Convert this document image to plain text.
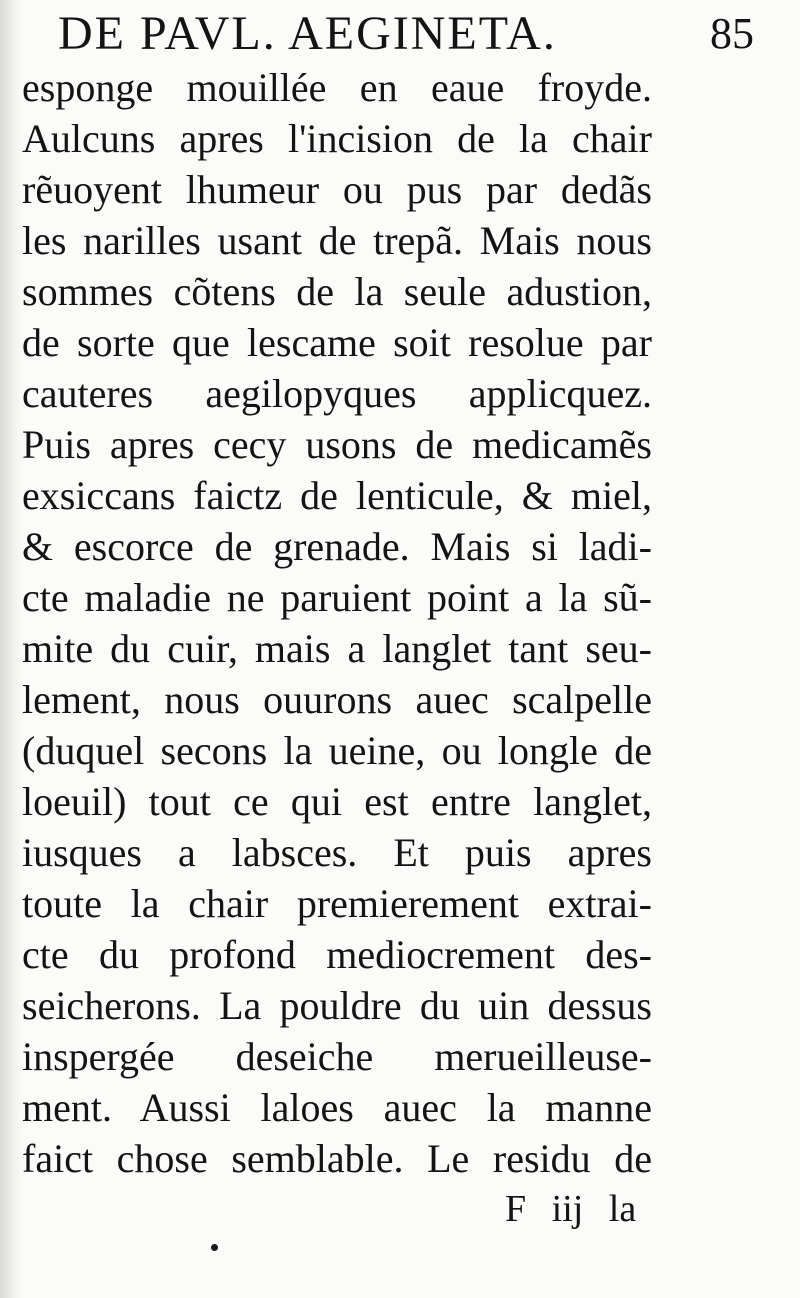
DE PAVL. AEGINETA.	85
esponge mouillée en eaue froyde.
Aulcuns apres l'incision de la chair
rẽuoyent lhumeur ou pus par dedãs
les narilles usant de trepã. Mais nous
sommes cõtens de la seule adustion,
de sorte que lescame soit resolue par
cauteres aegilopyques applicquez.
Puis apres cecy usons de medicamẽs
exsiccans faictz de lenticule, & miel,
& escorce de grenade. Mais si ladi-
cte maladie ne paruient point a la sũ-
mite du cuir, mais a langlet tant seu-
lement, nous ouurons auec scalpelle
(duquel secons la ueine, ou longle de
loeuil) tout ce qui est entre langlet,
iusques a labsces. Et puis apres
toute la chair premierement extrai-
cte du profond mediocrement des-
seicherons. La pouldre du uin dessus
inspergée deseiche merueilleuse-
ment. Aussi laloes auec la manne
faict chose semblable. Le residu de
F iij la
